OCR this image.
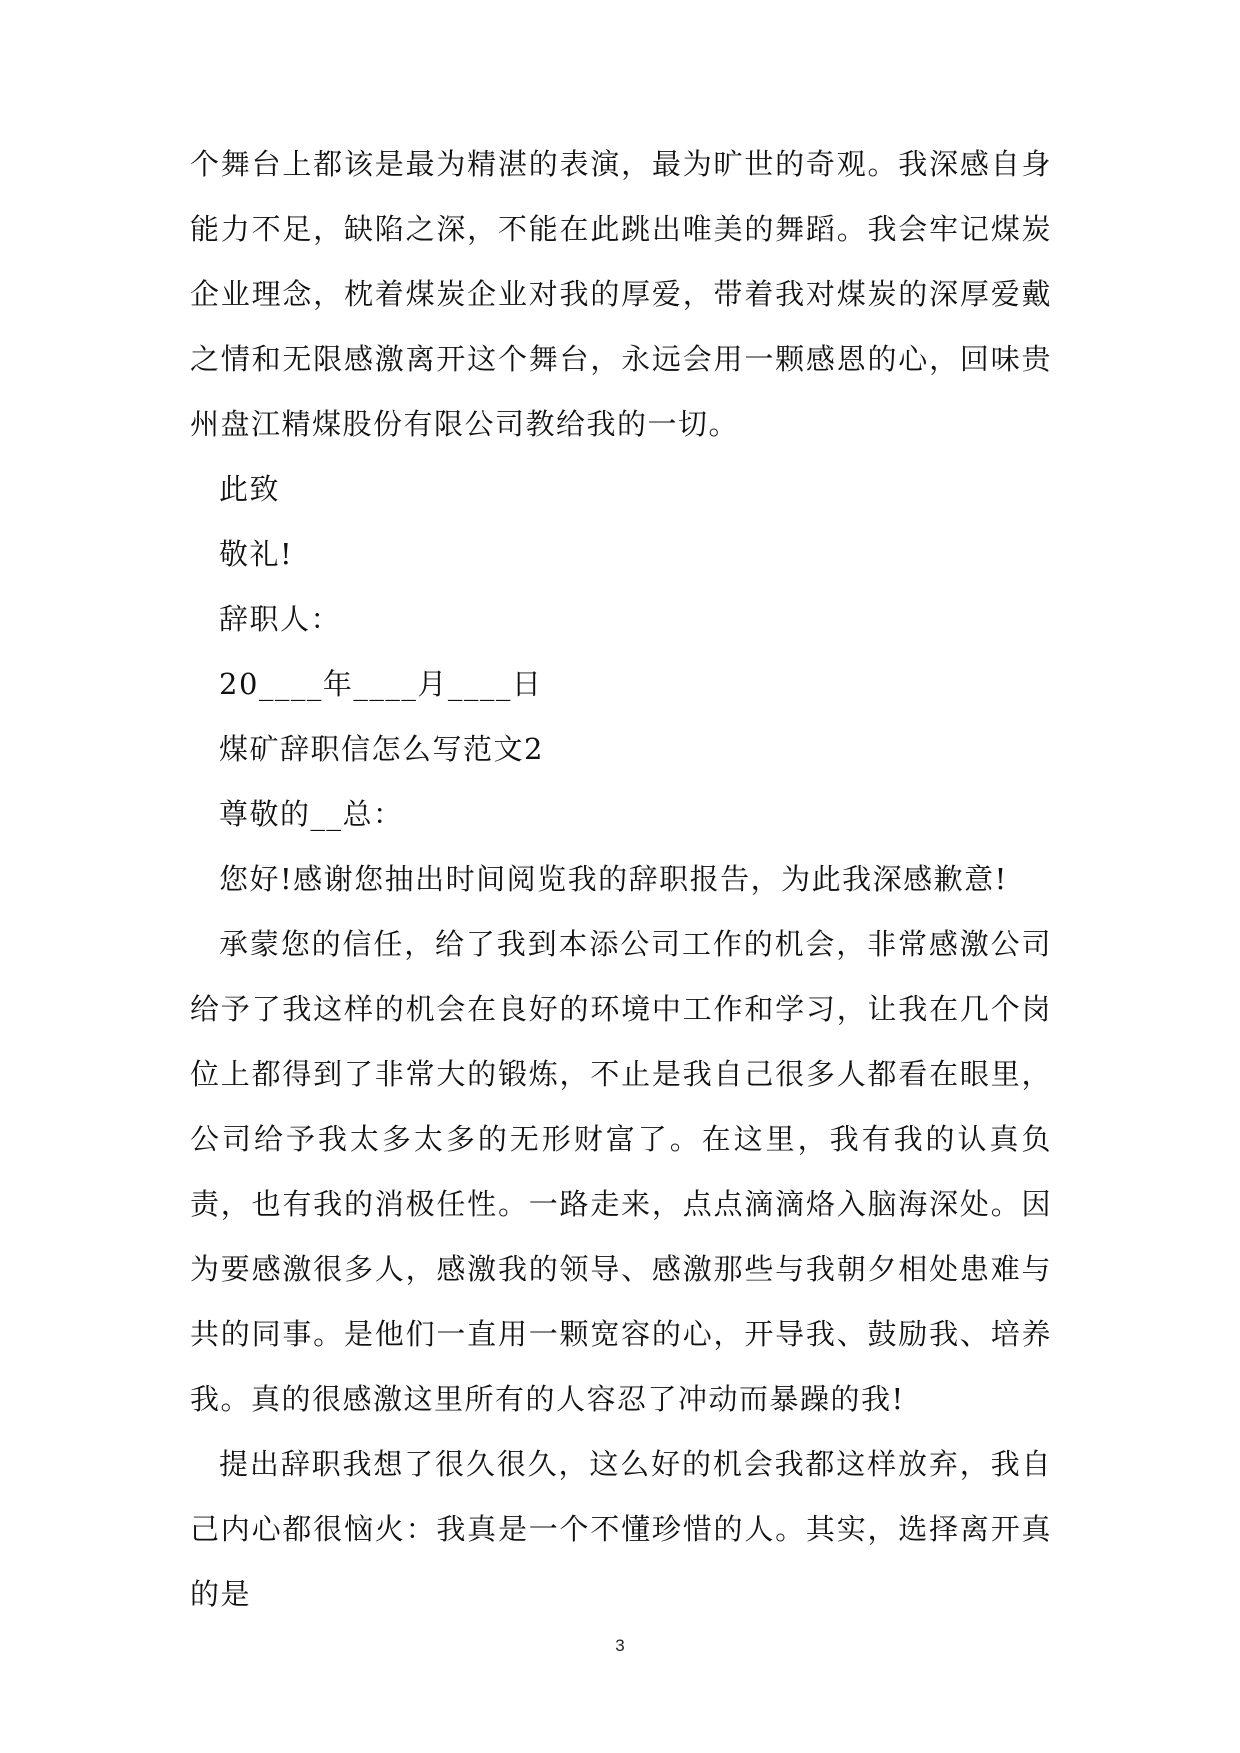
个舞台上都该是最为精湛的表演，最为旷世的奇观。我深感自身能力不足，缺陷之深，不能在此跳出唯美的舞蹈。我会牢记煤炭企业理念，枕着煤炭企业对我的厚爱，带着我对煤炭的深厚爱戴之情和无限感激离开这个舞台，永远会用一颗感恩的心，回味贵州盘江精煤股份有限公司教给我的一切。

此致

敬礼!

辞职人：

20____年____月____日

煤矿辞职信怎么写范文2

尊敬的__总：

您好!感谢您抽出时间阅览我的辞职报告，为此我深感歉意!

承蒙您的信任，给了我到本添公司工作的机会，非常感激公司给予了我这样的机会在良好的环境中工作和学习，让我在几个岗位上都得到了非常大的锻炼，不止是我自己很多人都看在眼里，公司给予我太多太多的无形财富了。在这里，我有我的认真负责，也有我的消极任性。一路走来，点点滴滴烙入脑海深处。因为要感激很多人，感激我的领导、感激那些与我朝夕相处患难与共的同事。是他们一直用一颗宽容的心，开导我、鼓励我、培养我。真的很感激这里所有的人容忍了冲动而暴躁的我!

提出辞职我想了很久很久，这么好的机会我都这样放弃，我自己内心都很恼火：我真是一个不懂珍惜的人。其实，选择离开真的是

3
